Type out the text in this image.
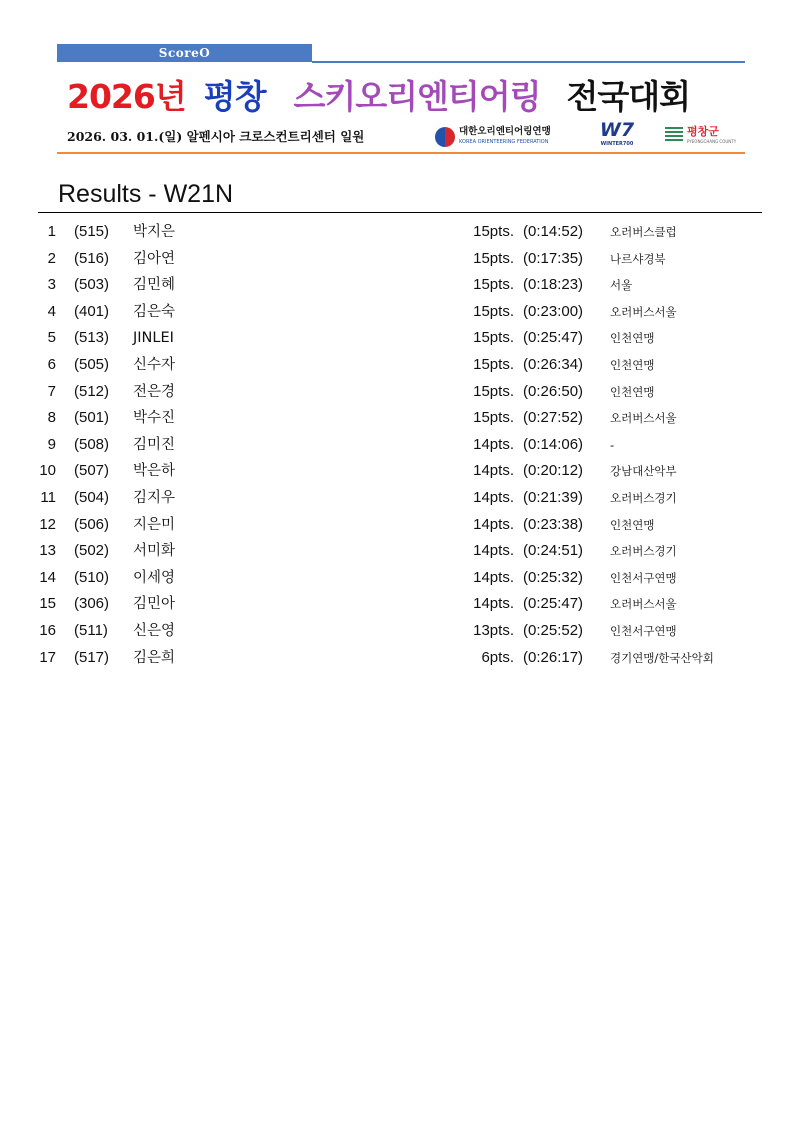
ScoreO
2026년 평창 스키오리엔티어링 전국대회
2026. 03. 01.(일) 알펜시아 크로스컨트리센터 일원	대한오리엔티어링연맹
KOREA ORIENTEERING FEDERATION
W7
WINTER700
평창군
PYEONGCHANG COUNTY
Results - W21N
1 (515) 박지은	15pts. (0:14:52) 오러버스클럽
2 (516) 김아연	15pts. (0:17:35) 나르샤경북
3 (503) 김민혜	15pts. (0:18:23) 서울
4 (401) 김은숙	15pts. (0:23:00) 오러버스서울
5 (513) JINLEI	15pts. (0:25:47) 인천연맹
6 (505) 신수자	15pts. (0:26:34) 인천연맹
7 (512) 전은경	15pts. (0:26:50) 인천연맹
8 (501) 박수진	15pts. (0:27:52) 오러버스서울
9 (508) 김미진	14pts. (0:14:06) -
10 (507) 박은하	14pts. (0:20:12) 강남대산악부
11 (504) 김지우	14pts. (0:21:39) 오러버스경기
12 (506) 지은미	14pts. (0:23:38) 인천연맹
13 (502) 서미화	14pts. (0:24:51) 오러버스경기
14 (510) 이세영	14pts. (0:25:32) 인천서구연맹
15 (306) 김민아	14pts. (0:25:47) 오러버스서울
16 (511) 신은영	13pts. (0:25:52) 인천서구연맹
17 (517) 김은희	6pts. (0:26:17) 경기연맹/한국산악회
